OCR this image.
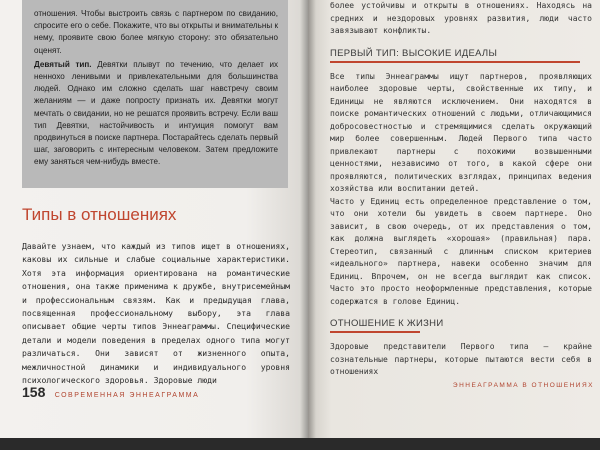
отношения. Чтобы выстроить связь с партнером по свиданию, спросите его о себе. Покажите, что вы открыты и внимательны к нему, проявите свою более мягкую сторону: это обязательно оценят.

Девятый тип. Девятки плывут по течению, что делает их неннохо ленивыми и привлекательными для большинства людей. Однако им сложно сделать шаг навстречу своим желаниям — и даже попросту признать их. Девятки могут мечтать о свидании, но не решатся проявить встречу. Если ваш тип Девятки, настойчивость и интуиция помогут вам продвинуться в поиске партнера. Постарайтесь сделать первый шаг, заговорить с интересным человеком. Затем предложите ему заняться чем-нибудь вместе.

Типы в отношениях

Давайте узнаем, что каждый из типов ищет в отношениях, каковы их сильные и слабые социальные характеристики. Хотя эта информация ориентирована на романтические отношения, она также применима к дружбе, внутрисемейным и профессиональным связям. Как и предыдущая глава, посвященная профессиональному выбору, эта глава описывает общие черты типов Эннеаграммы. Специфические детали и модели поведения в пределах одного типа могут различаться. Они зависят от жизненного опыта, межличностной динамики и индивидуального уровня психологического здоровья. Здоровые люди

158 СОВРЕМЕННАЯ ЭННЕАГРАММА

более устойчивы и открыты в отношениях. Находясь на средних и нездоровых уровнях развития, люди часто завязывают конфликты.

ПЕРВЫЙ ТИП: ВЫСОКИЕ ИДЕАЛЫ

Все типы Эннеаграммы ищут партнеров, проявляющих наиболее здоровые черты, свойственные их типу, и Единицы не являются исключением. Они находятся в поиске романтических отношений с людьми, отличающимися добросовестностью и стремящимися сделать окружающий мир более совершенным. Людей Первого типа часто привлекают партнеры с похожими возвышенными ценностями, независимо от того, в какой сфере они проявляются, политических взглядах, принципах ведения хозяйства или воспитании детей.

Часто у Единиц есть определенное представление о том, что они хотели бы увидеть в своем партнере. Оно зависит, в свою очередь, от их представления о том, как должна выглядеть «хорошая» (правильная) пара. Стереотип, связанный с длинным списком критериев «идеального» партнера, навеки особенно значим для Единиц. Впрочем, он не всегда выглядит как список. Часто это просто неоформленные представления, которые содержатся в голове Единиц.

ОТНОШЕНИЕ К ЖИЗНИ

Здоровые представители Первого типа — крайне сознательные партнеры, которые пытаются вести себя в отношениях

ЭННЕАГРАММА В ОТНОШЕНИЯХ
